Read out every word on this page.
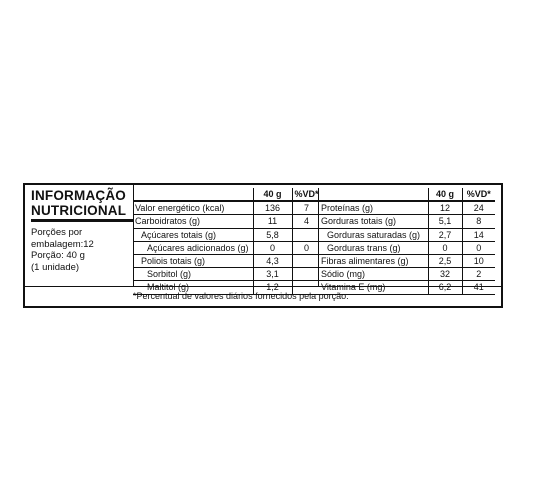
INFORMAÇÃO
NUTRICIONAL
Porções por
embalagem:12
Porção: 40 g
(1 unidade)
	40 g	%VD*
Valor energético (kcal)	136	7
Carboidratos (g)	11	4
Açúcares totais (g)	5,8	
Açúcares adicionados (g)	0	0
Poliois totais (g)	4,3	
Sorbitol (g)	3,1	
Maltitol (g)	1,2	
	40 g	%VD*
Proteínas (g)	12	24
Gorduras totais (g)	5,1	8
Gorduras saturadas (g)	2,7	14
Gorduras trans (g)	0	0
Fibras alimentares (g)	2,5	10
Sódio (mg)	32	2
Vitamina E (mg)	6,2	41
*Percentual de valores diários fornecidos pela porção.
